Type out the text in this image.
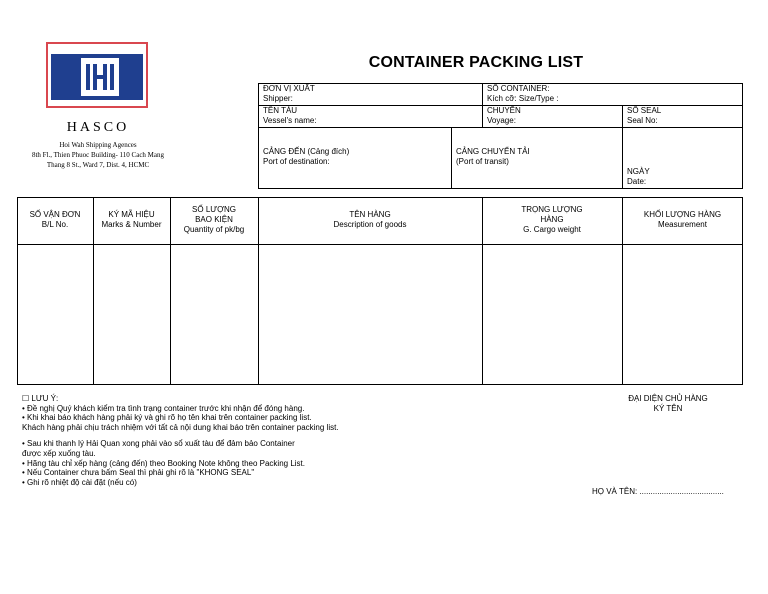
HASCO
Hoi Wah Shipping Agences
8th Fl., Thien Phuoc Building- 110 Cach Mang
Thang 8 St., Ward 7, Dist. 4, HCMC
CONTAINER PACKING LIST
ĐƠN VỊ XUẤT
Shipper:
SỐ CONTAINER:
Kích cỡ: Size/Type :
TÊN TÀU
Vessel's name:
CHUYẾN
Voyage:
SỐ SEAL
Seal No:
CẢNG ĐẾN (Cảng đích)
Port of destination:
CẢNG CHUYỂN TẢI
(Port of transit)
NGÀY
Date:
SỐ VẬN ĐƠN
B/L No.
KÝ MÃ HIỆU
Marks & Number
SỐ LƯỢNG
BAO KIỆN
Quantity of pk/bg
TÊN HÀNG
Description of goods
TRỌNG LƯỢNG
HÀNG
G. Cargo weight
KHỐI LƯỢNG HÀNG
Measurement
☐ LƯU Ý:
• Đề nghị Quý khách kiểm tra tình trạng container trước khi nhận để đóng hàng.
• Khi khai báo khách hàng phải ký và ghi rõ họ tên khai trên container packing list.
Khách hàng phải chịu trách nhiệm với tất cả nội dung khai báo trên container packing list.
• Sau khi thanh lý Hải Quan xong phải vào sổ xuất tàu để đảm bảo Container
được xếp xuống tàu.
• Hãng tàu chỉ xếp hàng (cảng đến) theo Booking Note không theo Packing List.
• Nếu Container chưa bấm Seal thì phải ghi rõ là "KHONG SEAL"
• Ghi rõ nhiệt độ cài đặt (nếu có)
ĐẠI DIỆN CHỦ HÀNG
KÝ TÊN
HỌ VÀ TÊN: ......................................
